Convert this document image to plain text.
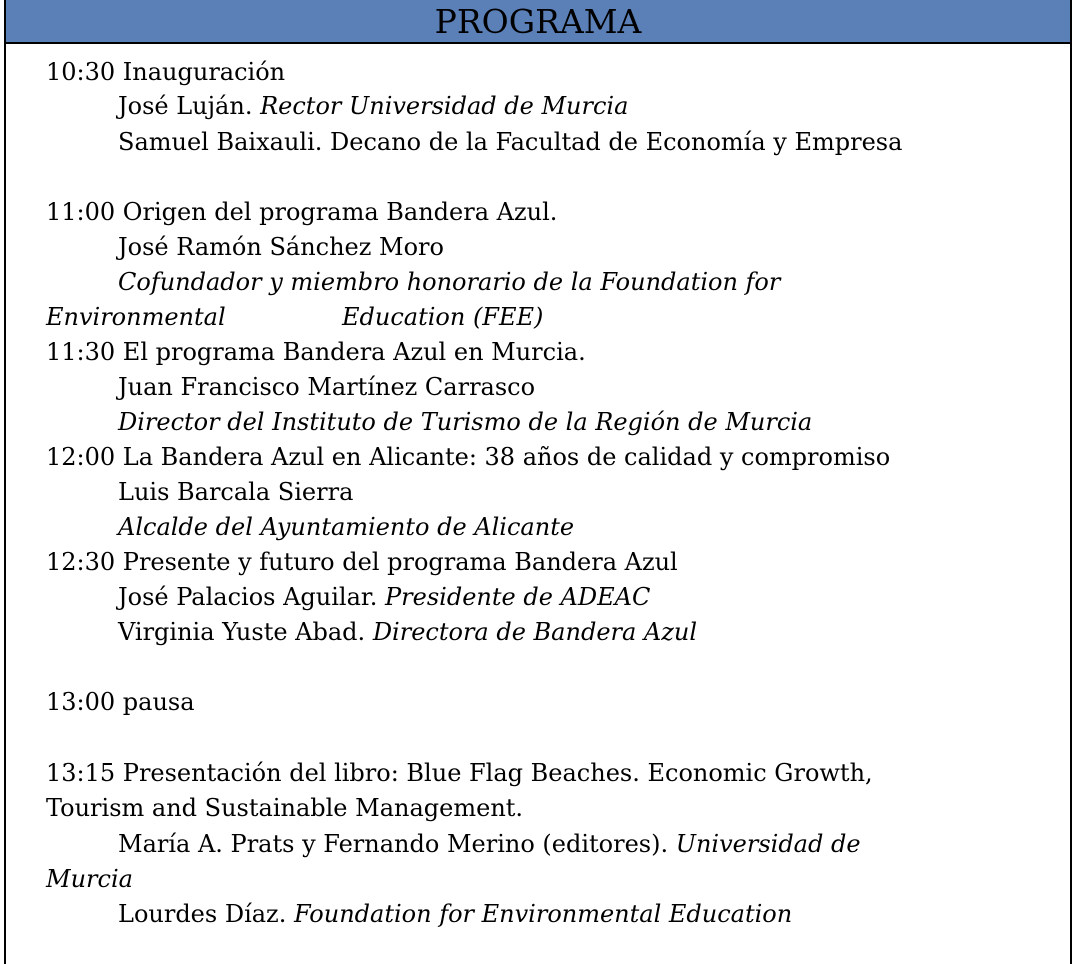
PROGRAMA
10:30 Inauguración
José Luján. Rector Universidad de Murcia
Samuel Baixauli. Decano de la Facultad de Economía y Empresa
11:00 Origen del programa Bandera Azul.
José Ramón Sánchez Moro
Cofundador y miembro honorario de la Foundation for
Environmental	Education (FEE)
11:30 El programa Bandera Azul en Murcia.
Juan Francisco Martínez Carrasco
Director del Instituto de Turismo de la Región de Murcia
12:00 La Bandera Azul en Alicante: 38 años de calidad y compromiso
Luis Barcala Sierra
Alcalde del Ayuntamiento de Alicante
12:30 Presente y futuro del programa Bandera Azul
José Palacios Aguilar. Presidente de ADEAC
Virginia Yuste Abad. Directora de Bandera Azul
13:00 pausa
13:15 Presentación del libro: Blue Flag Beaches. Economic Growth,
Tourism and Sustainable Management.
María A. Prats y Fernando Merino (editores). Universidad de
Murcia
Lourdes Díaz. Foundation for Environmental Education
